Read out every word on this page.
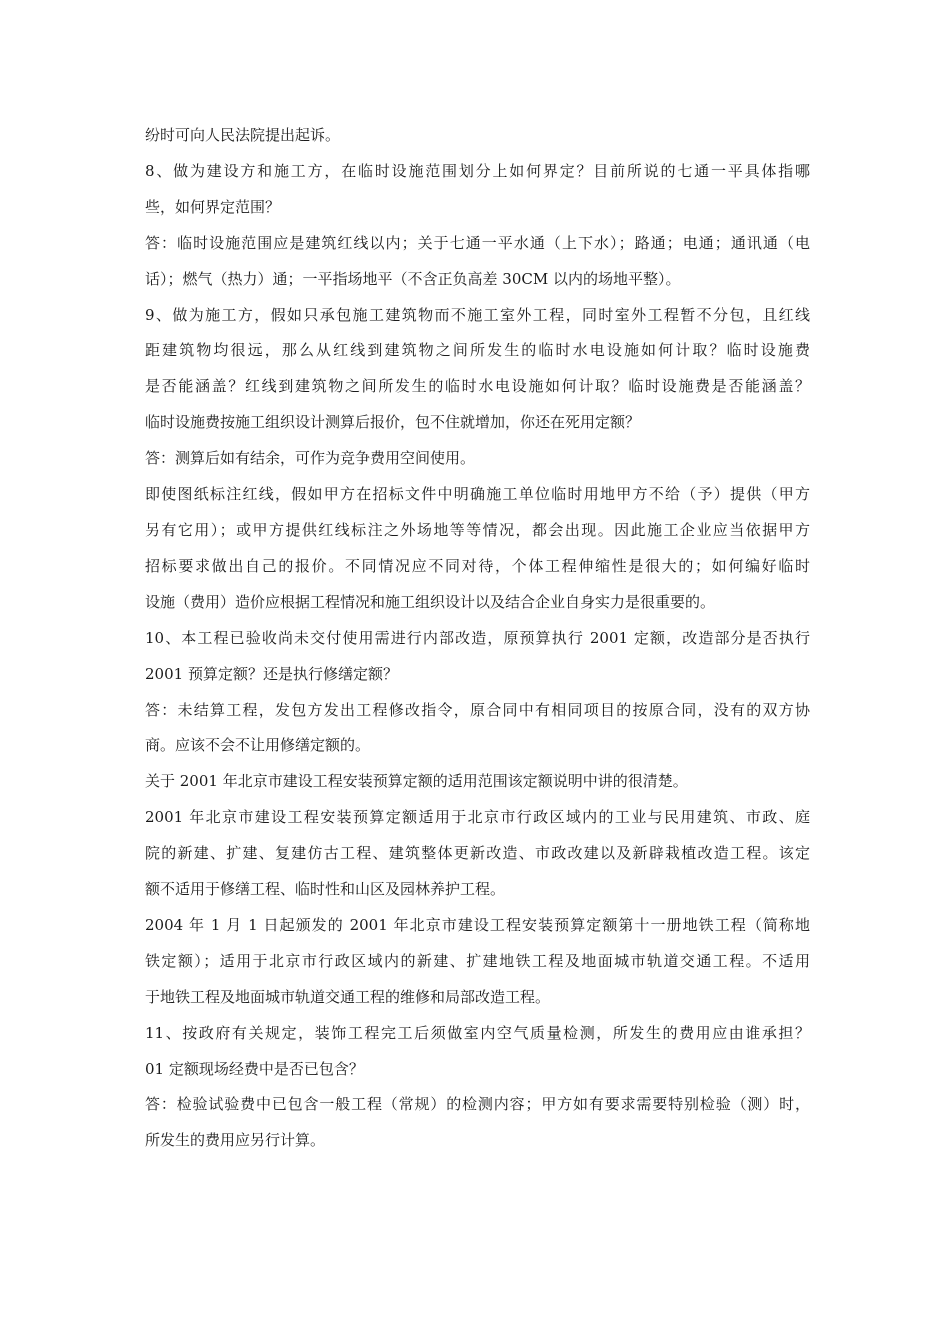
纷时可向人民法院提出起诉。
8、做为建设方和施工方，在临时设施范围划分上如何界定？目前所说的七通一平具体指哪
些，如何界定范围？
答：临时设施范围应是建筑红线以内；关于七通一平水通（上下水）；路通；电通；通讯通（电
话）；燃气（热力）通；一平指场地平（不含正负高差 30CM 以内的场地平整）。
9、做为施工方，假如只承包施工建筑物而不施工室外工程，同时室外工程暂不分包，且红线
距建筑物均很远，那么从红线到建筑物之间所发生的临时水电设施如何计取？临时设施费
是否能涵盖？红线到建筑物之间所发生的临时水电设施如何计取？临时设施费是否能涵盖？
临时设施费按施工组织设计测算后报价，包不住就增加，你还在死用定额？
答：测算后如有结余，可作为竞争费用空间使用。
即使图纸标注红线，假如甲方在招标文件中明确施工单位临时用地甲方不给（予）提供（甲方
另有它用）；或甲方提供红线标注之外场地等等情况，都会出现。因此施工企业应当依据甲方
招标要求做出自己的报价。不同情况应不同对待，个体工程伸缩性是很大的；如何编好临时
设施（费用）造价应根据工程情况和施工组织设计以及结合企业自身实力是很重要的。
10、本工程已验收尚未交付使用需进行内部改造，原预算执行 2001 定额，改造部分是否执行
2001 预算定额？还是执行修缮定额？
答：未结算工程，发包方发出工程修改指令，原合同中有相同项目的按原合同，没有的双方协
商。应该不会不让用修缮定额的。
关于 2001 年北京市建设工程安装预算定额的适用范围该定额说明中讲的很清楚。
2001 年北京市建设工程安装预算定额适用于北京市行政区域内的工业与民用建筑、市政、庭
院的新建、扩建、复建仿古工程、建筑整体更新改造、市政改建以及新辟栽植改造工程。该定
额不适用于修缮工程、临时性和山区及园林养护工程。
2004 年 1 月 1 日起颁发的 2001 年北京市建设工程安装预算定额第十一册地铁工程（简称地
铁定额）；适用于北京市行政区域内的新建、扩建地铁工程及地面城市轨道交通工程。不适用
于地铁工程及地面城市轨道交通工程的维修和局部改造工程。
11、按政府有关规定，装饰工程完工后须做室内空气质量检测，所发生的费用应由谁承担？
01 定额现场经费中是否已包含？
答：检验试验费中已包含一般工程（常规）的检测内容；甲方如有要求需要特别检验（测）时，
所发生的费用应另行计算。
